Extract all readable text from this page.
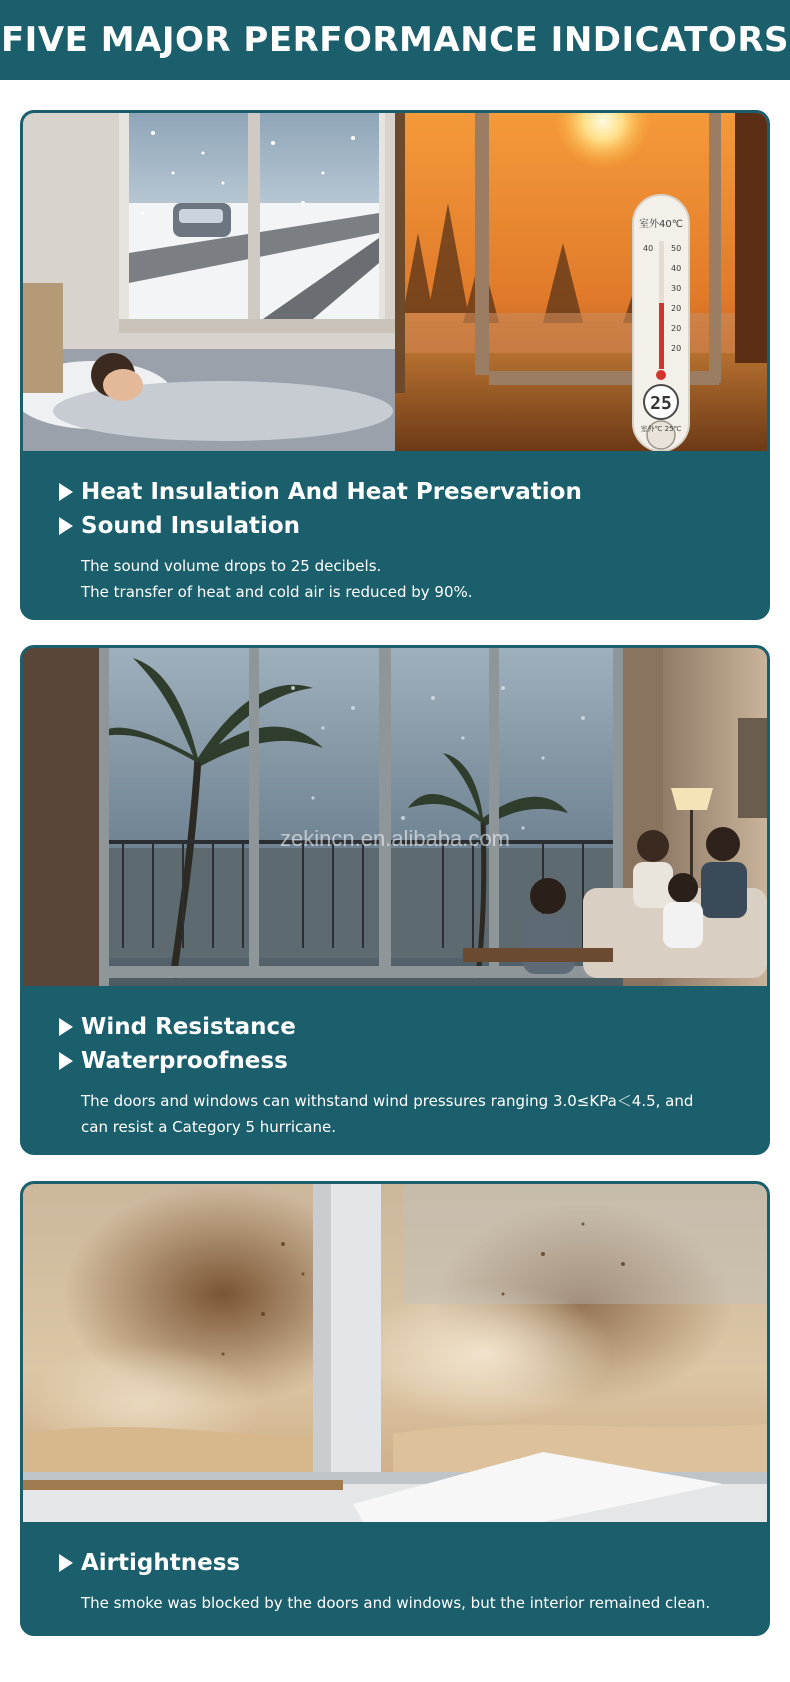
FIVE MAJOR PERFORMANCE INDICATORS
室外40℃
25
室外℃ 25℃
40 50
40
30
20
20
20
Heat Insulation And Heat Preservation
Sound Insulation
The sound volume drops to 25 decibels.
The transfer of heat and cold air is reduced by 90%.
zekincn.en.alibaba.com
Wind Resistance
Waterproofness
The doors and windows can withstand wind pressures ranging 3.0≤KPa＜4.5, and
can resist a Category 5 hurricane.
Airtightness
The smoke was blocked by the doors and windows, but the interior remained clean.
